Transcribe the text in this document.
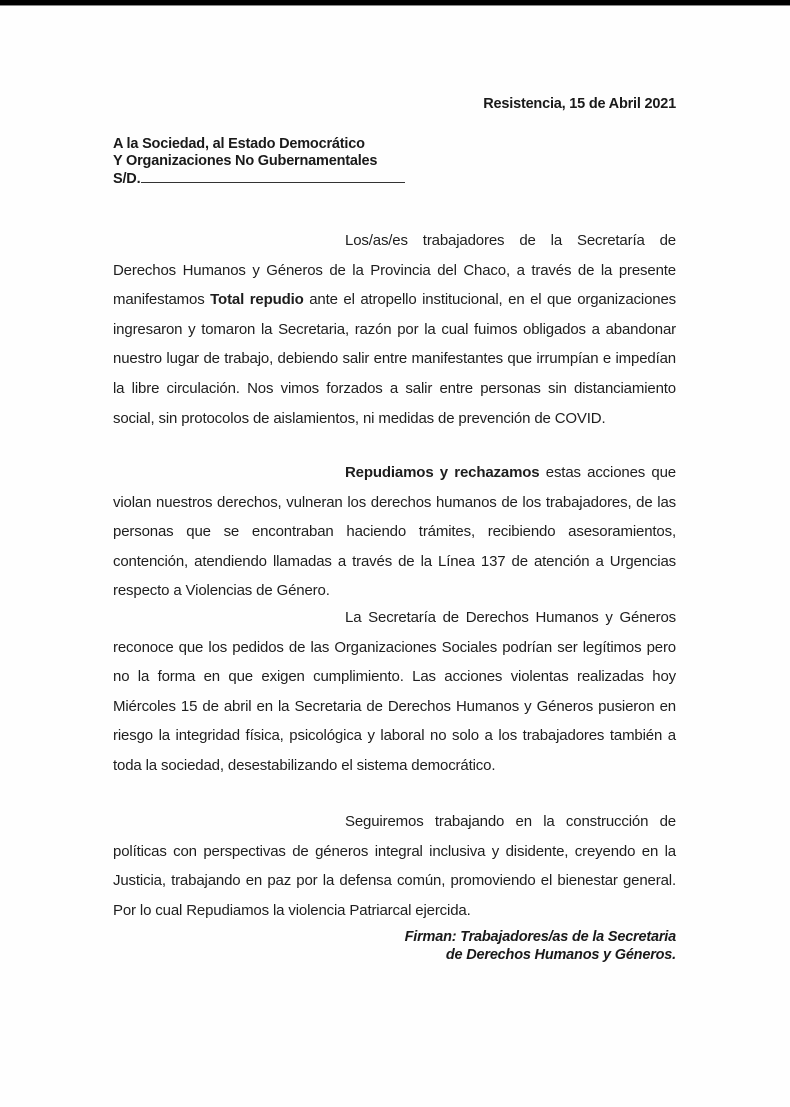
Resistencia, 15 de Abril 2021
A la Sociedad, al Estado Democrático
Y Organizaciones No Gubernamentales
S/D.

Los/as/es trabajadores de la Secretaría de Derechos Humanos y Géneros de la Provincia del Chaco, a través de la presente manifestamos Total repudio ante el atropello institucional, en el que organizaciones ingresaron y tomaron la Secretaria, razón por la cual fuimos obligados a abandonar nuestro lugar de trabajo, debiendo salir entre manifestantes que irrumpían e impedían la libre circulación. Nos vimos forzados a salir entre personas sin distanciamiento social, sin protocolos de aislamientos, ni medidas de prevención de COVID.

Repudiamos y rechazamos estas acciones que violan nuestros derechos, vulneran los derechos humanos de los trabajadores, de las personas que se encontraban haciendo trámites, recibiendo asesoramientos, contención, atendiendo llamadas a través de la Línea 137 de atención a Urgencias respecto a Violencias de Género.

La Secretaría de Derechos Humanos y Géneros reconoce que los pedidos de las Organizaciones Sociales podrían ser legítimos pero no la forma en que exigen cumplimiento. Las acciones violentas realizadas hoy Miércoles 15 de abril en la Secretaria de Derechos Humanos y Géneros pusieron en riesgo la integridad física, psicológica y laboral no solo a los trabajadores también a toda la sociedad, desestabilizando el sistema democrático.

Seguiremos trabajando en la construcción de políticas con perspectivas de géneros integral inclusiva y disidente, creyendo en la Justicia, trabajando en paz por la defensa común, promoviendo el bienestar general. Por lo cual Repudiamos la violencia Patriarcal ejercida.

Firman: Trabajadores/as de la Secretaria
de Derechos Humanos y Géneros.
